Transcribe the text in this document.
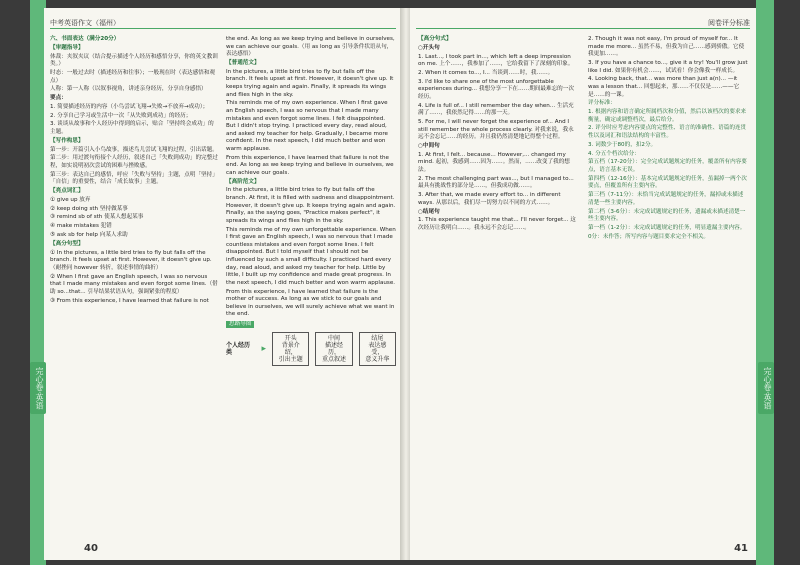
中考英语作文（福州）

六、书面表达（满分20分）

【审题指导】

体裁：夹叙夹议（结合提示描述个人经历和感悟分享，你的英文教训类。）

时态：一般过去时（描述经历和往事）；一般现在时（表达感悟和观点）

人称：第一人称（以叙事视角，讲述亲身经历，分享自身感悟）

要点：

1. 简要描述经历的内容（小鸟尝试飞翔→失败→不放弃→成功）；

2. 分享自己学习或生活中一次「从失败到成功」的经历；

3. 谈谈从故事和个人经历中得到的启示，贴合「坚持终会成功」的主题。

【写作构思】

第一步：开篇引入小鸟故事，描述鸟儿尝试飞翔的过程，引出话题。

第二步：用过渡句衔接个人经历，叙述自己「失败到成功」的完整过程，如实说明初次尝试的困难与挫败感。

第三步：表达自己的感悟，呼应「失败与坚持」主题，点明「坚持」「自信」的重要性，结合「成长故事」主题。

【亮点词汇】

① give up 放弃

② keep doing sth 坚持做某事

③ remind sb of sth 使某人想起某事

④ make mistakes 犯错

⑤ ask sb for help 向某人求助

【高分句型】

① In the pictures, a little bird tries to fly but falls off the branch. It feels upset at first. However, it doesn't give up.（耐挫同 however 转折，叙述事情的曲折）

② When I first gave an English speech, I was so nervous that I made many mistakes and even forgot some lines.（借助 so...that... 引导结果状语从句，强调紧张的程度）

③ From this experience, I have learned that failure is not

the end. As long as we keep trying and believe in ourselves, we can achieve our goals.（用 as long as 引导条件状语从句，表达感悟）

【普通范文】

In the pictures, a little bird tries to fly but falls off the branch. It feels upset at first. However, it doesn't give up. It keeps trying again and again. Finally, it spreads its wings and flies high in the sky.

This reminds me of my own experience. When I first gave an English speech, I was so nervous that I made many mistakes and even forgot some lines. I felt disappointed. But I didn't stop trying. I practiced every day, read aloud, and asked my teacher for help. Gradually, I became more confident. In the next speech, I did much better and won warm applause.

From this experience, I have learned that failure is not the end. As long as we keep trying and believe in ourselves, we can achieve our goals.

【高阶范文】

In the pictures, a little bird tries to fly but falls off the branch. At first, it is filled with sadness and disappointment. However, it doesn't give up. It keeps trying again and again. Finally, as the saying goes, "Practice makes perfect", it spreads its wings and flies high in the sky.

This reminds me of my own unforgettable experience. When I first gave an English speech, I was so nervous that I made countless mistakes and even forgot some lines. I felt disappointed. But I told myself that I should not be influenced by such a small difficulty. I practiced hard every day, read aloud, and asked my teacher for help. Little by little, I built up my confidence and made great progress. In the next speech, I did much better and won warm applause.

From this experience, I have learned that failure is the mother of success. As long as we stick to our goals and believe in ourselves, we will surely achieve what we want in the end.

思路导图
个人经历类	▸
开头
背景介绍，
引出主题
中间
描述经历，
重点叙述
结尾
表达感受，
意义升华
40
阅卷评分标准

【高分句式】

○开头句

1. Last..., I took part in..., which left a deep impression on me. 上个……，我参加了……，它给我留下了深刻的印象。

2. When it comes to..., I... 当谈到……时，我……。

3. I'd like to share one of the most unforgettable experiences during... 我想分享一下在……期间最难忘的一次经历。

4. Life is full of... I still remember the day when... 生活充满了……，我依然记得……的那一天。

5. For me, I will never forget the experience of... And I still remember the whole process clearly. 对我来说，我永远不会忘记……的经历。并且我仍然清楚地记得整个过程。

○中间句

1. At first, I felt... because... However,... changed my mind. 起初，我感到……因为……。然而，……改变了我的想法。

2. The most challenging part was..., but I managed to... 最具有挑战性的部分是……，但我成功做……。

3. After that, we made every effort to... in different ways. 从那以后，我们尽一切努力以不同的方式……。

○结尾句

1. This experience taught me that... I'll never forget... 这次经历让我明白……。我永远不会忘记……。

2. Though it was not easy, I'm proud of myself for... It made me more... 虽然不易，但我为自己……感到骄傲。它使我更加……。

3. If you have a chance to..., give it a try! You'll grow just like I did. 如果你有机会……，试试看！你会像我一样成长。

4. Looking back, that... was more than just a(n)... —it was a lesson that... 回想起来，那……不仅仅是……——它是……的一课。

评分标准：

1. 根据内容和语言确定所属档次和分值，然后以该档次的要求来衡量，确定或调整档次，最后给分。

2. 评分时应考虑内容要点的完整性、语言的准确性、语篇的连贯性以及词汇和语法结构的丰富性。

3. 词数少于80的，扣2分。

4. 分五个档次给分：

第五档（17-20分）：完全完成试题规定的任务，覆盖所有内容要点，语言基本无误。

第四档（12-16分）：基本完成试题规定的任务，虽漏掉一两个次要点，但覆盖所有主要内容。

第三档（7-11分）：未恰当完成试题规定的任务，漏掉或未描述清楚一些主要内容。

第二档（3-6分）：未完成试题规定的任务，遗漏或未描述清楚一些主要内容。

第一档（1-2分）：未完成试题规定的任务，明显遗漏主要内容。

0分：未作答；所写内容与题目要求完全不相关。

41
完心卷·英语	完心卷·英语
